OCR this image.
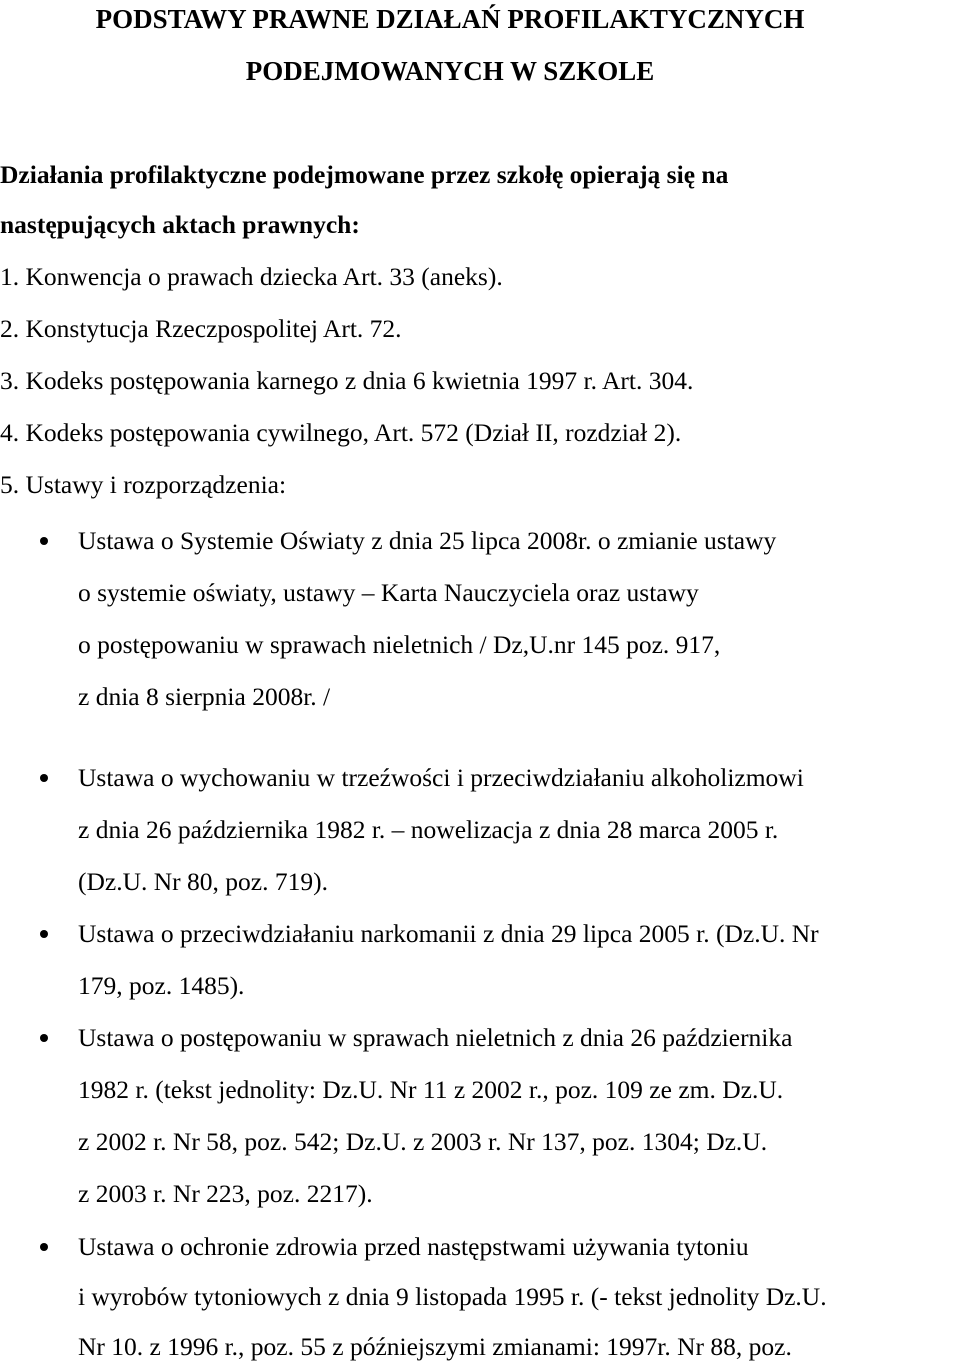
PODSTAWY PRAWNE DZIAŁAŃ PROFILAKTYCZNYCH
PODEJMOWANYCH W SZKOLE
Działania profilaktyczne podejmowane przez szkołę opierają się na
następujących aktach prawnych:
1. Konwencja o prawach dziecka Art. 33 (aneks).
2. Konstytucja Rzeczpospolitej Art. 72.
3. Kodeks postępowania karnego z dnia 6 kwietnia 1997 r. Art. 304.
4. Kodeks postępowania cywilnego, Art. 572 (Dział II, rozdział 2).
5. Ustawy i rozporządzenia:
Ustawa o Systemie Oświaty z dnia 25 lipca 2008r. o zmianie ustawy
o systemie oświaty, ustawy – Karta Nauczyciela oraz ustawy
o postępowaniu w sprawach nieletnich / Dz,U.nr 145 poz. 917,
z dnia 8 sierpnia 2008r. /
Ustawa o wychowaniu w trzeźwości i przeciwdziałaniu alkoholizmowi
z dnia 26 października 1982 r. – nowelizacja z dnia 28 marca 2005 r.
(Dz.U. Nr 80, poz. 719).
Ustawa o przeciwdziałaniu narkomanii z dnia 29 lipca 2005 r. (Dz.U. Nr
179, poz. 1485).
Ustawa o postępowaniu w sprawach nieletnich z dnia 26 października
1982 r. (tekst jednolity: Dz.U. Nr 11 z 2002 r., poz. 109 ze zm. Dz.U.
z 2002 r. Nr 58, poz. 542; Dz.U. z 2003 r. Nr 137, poz. 1304; Dz.U.
z 2003 r. Nr 223, poz. 2217).
Ustawa o ochronie zdrowia przed następstwami używania tytoniu
i wyrobów tytoniowych z dnia 9 listopada 1995 r. (- tekst jednolity Dz.U.
Nr 10. z 1996 r., poz. 55 z późniejszymi zmianami: 1997r. Nr 88, poz.
